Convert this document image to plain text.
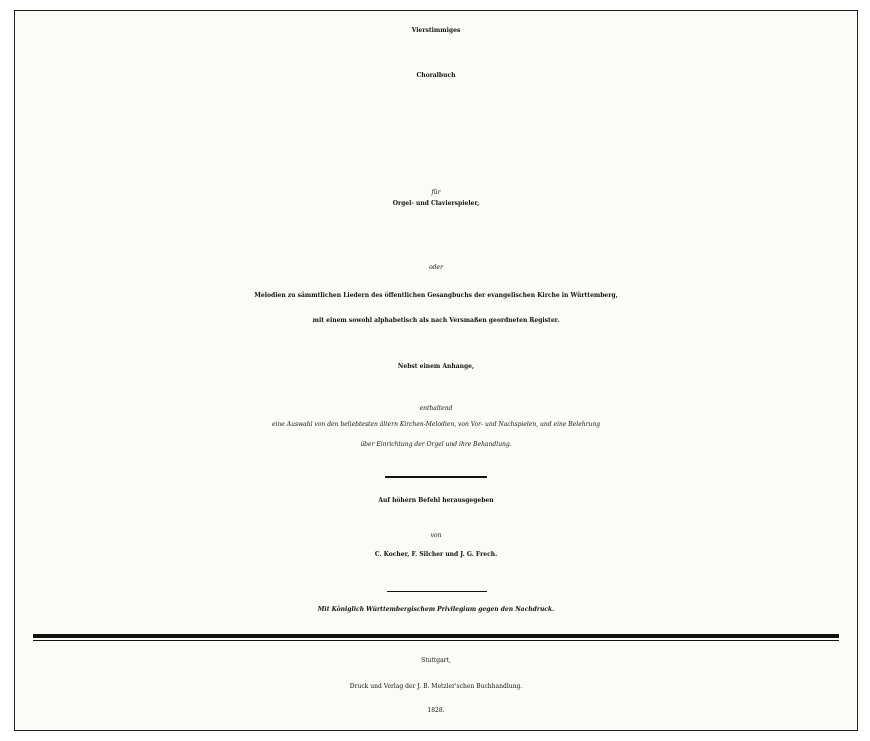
Vierstimmiges
Choralbuch
für
Orgel- und Clavierspieler,
oder
Melodien zu sämmtlichen Liedern des öffentlichen Gesangbuchs der evangelischen Kirche in Württemberg,
mit einem sowohl alphabetisch als nach Versmaßen geordneten Register.
Nebst einem Anhange,
enthaltend
eine Auswahl von den beliebtesten ältern Kirchen-Melodien, von Vor- und Nachspielen, und eine Belehrung
über Einrichtung der Orgel und ihre Behandlung.
Auf höhern Befehl herausgegeben
von
C. Kocher, F. Silcher und J. G. Frech.
Mit Königlich Württembergischem Privilegium gegen den Nachdruck.
Stuttgart,
Druck und Verlag der J. B. Metzler'schen Buchhandlung.
1828.
